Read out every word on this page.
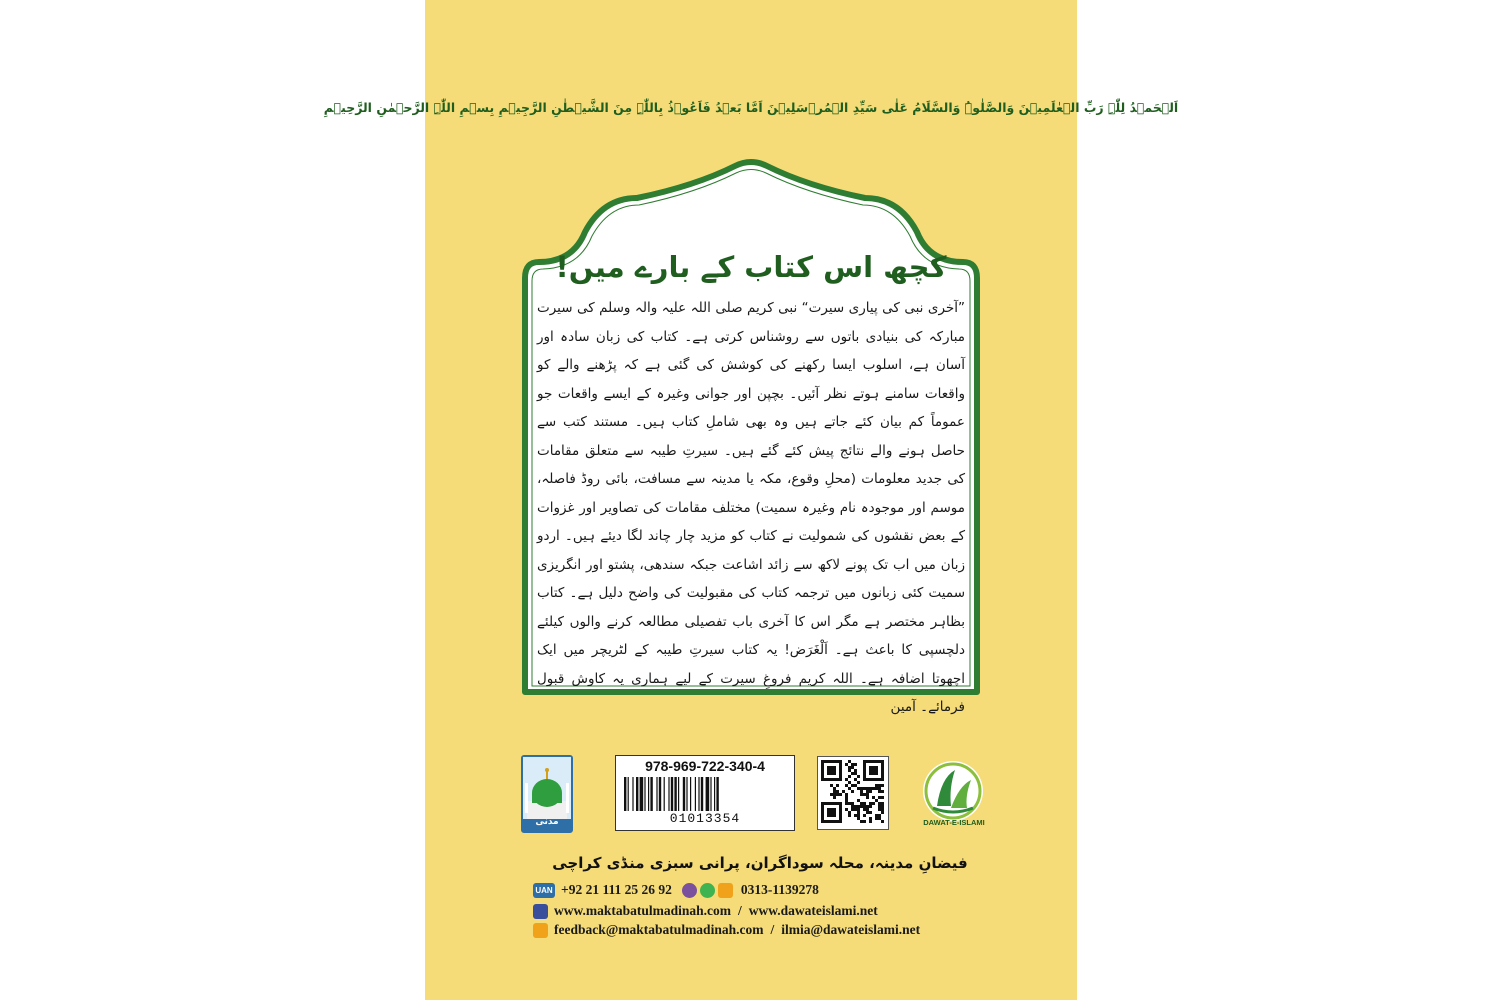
اَلۡحَمۡدُ لِلّٰہِ رَبِّ الۡعٰلَمِیۡنَ وَالصَّلٰوۃُ وَالسَّلَامُ عَلٰی سَیِّدِ الۡمُرۡسَلِیۡنَ اَمَّا بَعۡدُ فَاَعُوۡذُ بِاللّٰہِ مِنَ الشَّیۡطٰنِ الرَّجِیۡمِ بِسۡمِ اللّٰہِ الرَّحۡمٰنِ الرَّحِیۡمِ
کچھ اس کتاب کے بارے میں!
”آخری نبی کی پیاری سیرت“ نبی کریم صلی اللہ علیہ والہ وسلم کی سیرت مبارکہ کی بنیادی باتوں سے روشناس کرتی ہے۔ کتاب کی زبان سادہ اور آسان ہے، اسلوب ایسا رکھنے کی کوشش کی گئی ہے کہ پڑھنے والے کو واقعات سامنے ہوتے نظر آئیں۔ بچپن اور جوانی وغیرہ کے ایسے واقعات جو عموماً کم بیان کئے جاتے ہیں وہ بھی شاملِ کتاب ہیں۔ مستند کتب سے حاصل ہونے والے نتائج پیش کئے گئے ہیں۔ سیرتِ طیبہ سے متعلق مقامات کی جدید معلومات (محلِ وقوع، مکہ یا مدینہ سے مسافت، بائی روڈ فاصلہ، موسم اور موجودہ نام وغیرہ سمیت) مختلف مقامات کی تصاویر اور غزوات کے بعض نقشوں کی شمولیت نے کتاب کو مزید چار چاند لگا دیئے ہیں۔ اردو زبان میں اب تک پونے لاکھ سے زائد اشاعت جبکہ سندھی، پشتو اور انگریزی سمیت کئی زبانوں میں ترجمہ کتاب کی مقبولیت کی واضح دلیل ہے۔ کتاب بظاہر مختصر ہے مگر اس کا آخری باب تفصیلی مطالعہ کرنے والوں کیلئے دلچسپی کا باعث ہے۔ اَلْغَرَض! یہ کتاب سیرتِ طیبہ کے لٹریچر میں ایک اچھوتا اضافہ ہے۔ اللہ کریم فروغِ سیرت کے لیے ہماری یہ کاوش قبول فرمائے۔ آمین
مدنی
978-969-722-340-4
01013354	DAWAT-E-ISLAMI
فیضانِ مدینہ، محلہ سوداگران، پرانی سبزی منڈی کراچی
UAN +92 21 111 25 26 92	0313-1139278
www.maktabatulmadinah.com / www.dawateislami.net
feedback@maktabatulmadinah.com / ilmia@dawateislami.net
